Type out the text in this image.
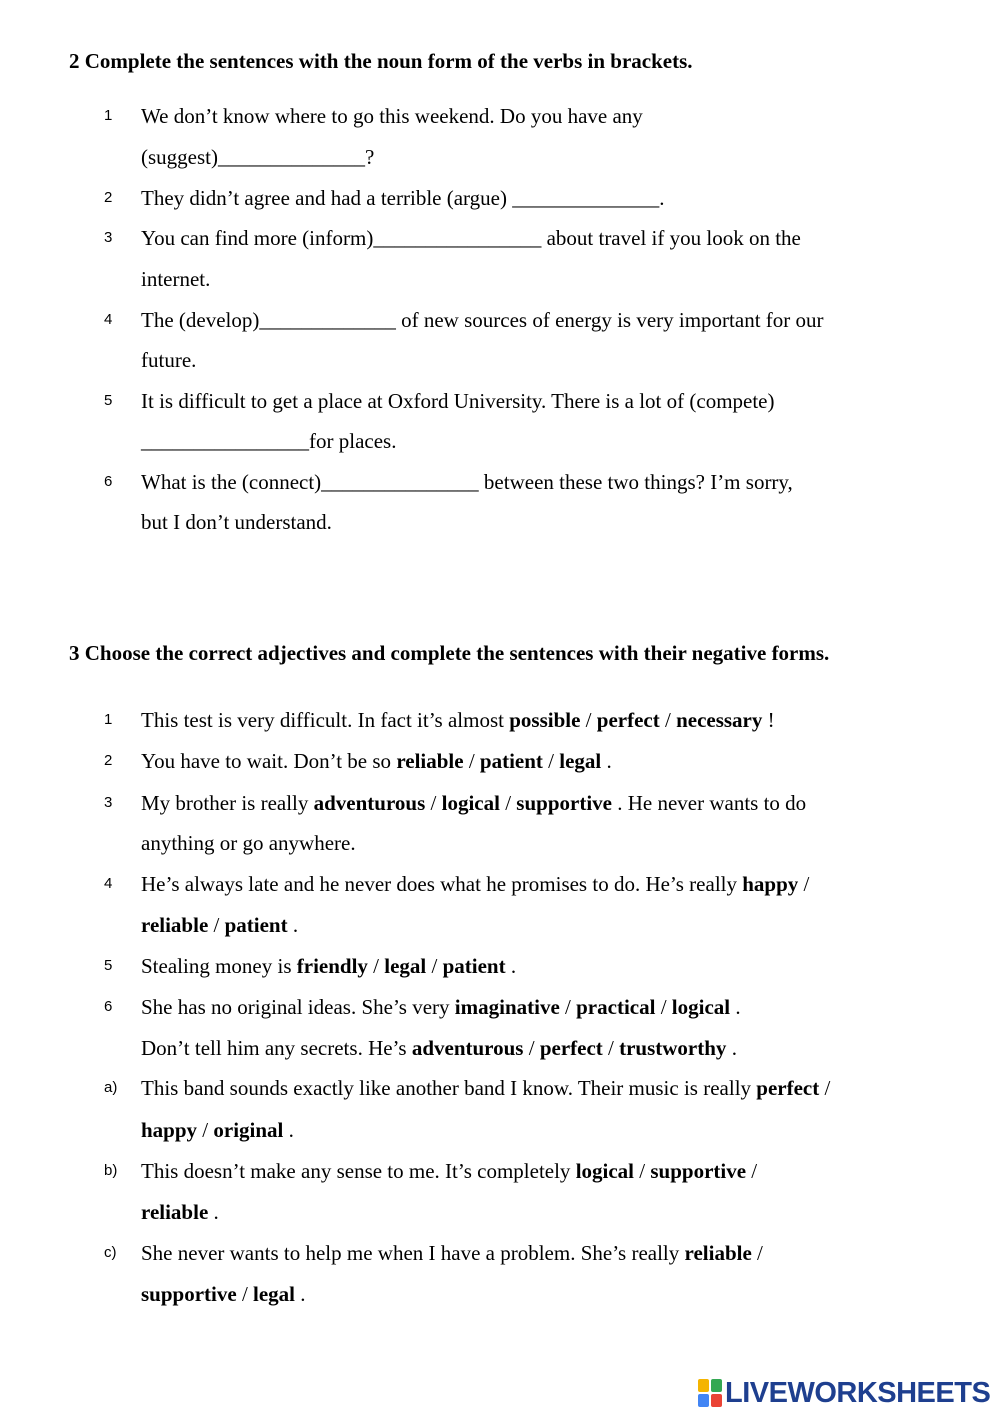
2 Complete the sentences with the noun form of the verbs in brackets.
1	We don’t know where to go this weekend. Do you have any
(suggest)______________?
2	They didn’t agree and had a terrible (argue) ______________.
3	You can find more (inform)________________ about travel if you look on the
internet.
4	The (develop)_____________ of new sources of energy is very important for our
future.
5	It is difficult to get a place at Oxford University. There is a lot of (compete)
________________for places.
6	What is the (connect)_______________ between these two things? I’m sorry,
but I don’t understand.
3 Choose the correct adjectives and complete the sentences with their negative forms.
1	This test is very difficult. In fact it’s almost possible / perfect / necessary !
2	You have to wait. Don’t be so reliable / patient / legal .
3	My brother is really adventurous / logical / supportive . He never wants to do
anything or go anywhere.
4	He’s always late and he never does what he promises to do. He’s really happy /
reliable / patient .
5	Stealing money is friendly / legal / patient .
6	She has no original ideas. She’s very imaginative / practical / logical .
Don’t tell him any secrets. He’s adventurous / perfect / trustworthy .
a)	This band sounds exactly like another band I know. Their music is really perfect /
happy / original .
b)	This doesn’t make any sense to me. It’s completely logical / supportive /
reliable .
c)	She never wants to help me when I have a problem. She’s really reliable /
supportive / legal .
LIVEWORKSHEETS
